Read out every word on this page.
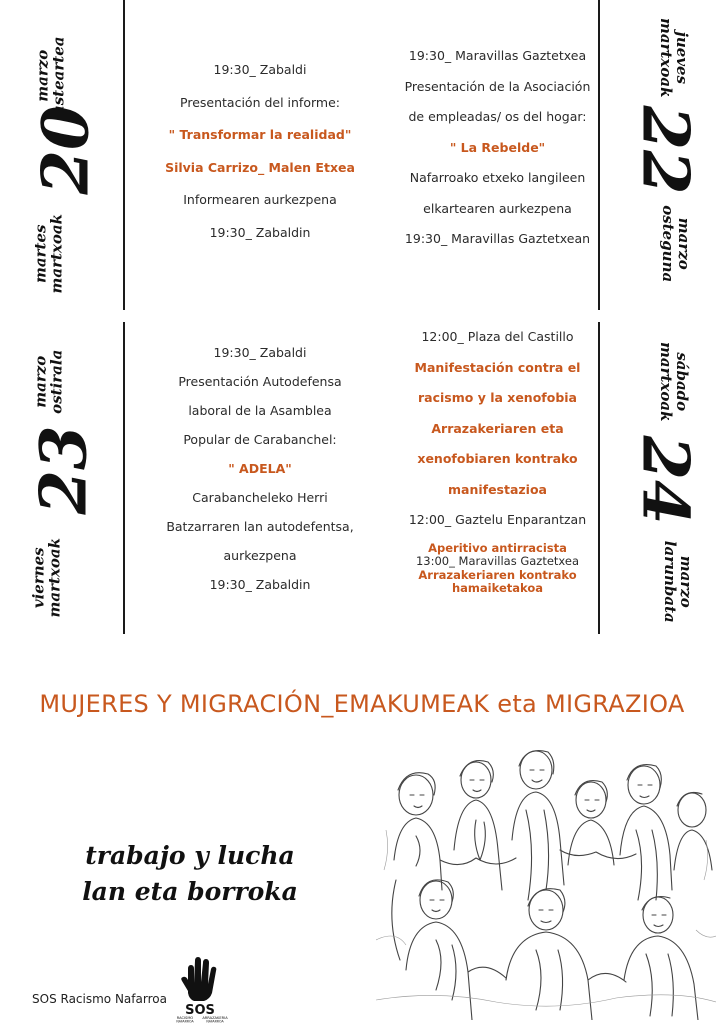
marzo
asteartea
20
martes
martxoak
19:30_ Zabaldi
Presentación del informe:
" Transformar la realidad"
Silvia Carrizo_ Malen Etxea
Informearen aurkezpena
19:30_ Zabaldin
19:30_ Maravillas Gaztetxea
Presentación de la Asociación
de empleadas/ os del hogar:
" La Rebelde"
Nafarroako etxeko langileen
elkartearen aurkezpena
19:30_ Maravillas Gaztetxean
jueves
martxoak
22
marzo
osteguna
marzo
ostirala
23
viernes
martxoak
19:30_ Zabaldi
Presentación Autodefensa
laboral de la Asamblea
Popular de Carabanchel:
" ADELA"
Carabancheleko Herri
Batzarraren lan autodefentsa,
aurkezpena
19:30_ Zabaldin
12:00_ Plaza del Castillo
Manifestación contra el
racismo y la xenofobia
Arrazakeriaren eta
xenofobiaren kontrako
manifestazioa
12:00_ Gaztelu Enparantzan
Aperitivo antirracista
13:00_ Maravillas Gaztetxea
Arrazakeriaren kontrako
hamaiketakoa
sábado
martxoak
24
marzo
larunbata
MUJERES Y MIGRACIÓN_EMAKUMEAK eta MIGRAZIOA
trabajo y lucha
lan eta borroka
SOS Racismo Nafarroa
SOS
RACISMO	ARRAZAKERIA
NAFARROA	NAFARROA
